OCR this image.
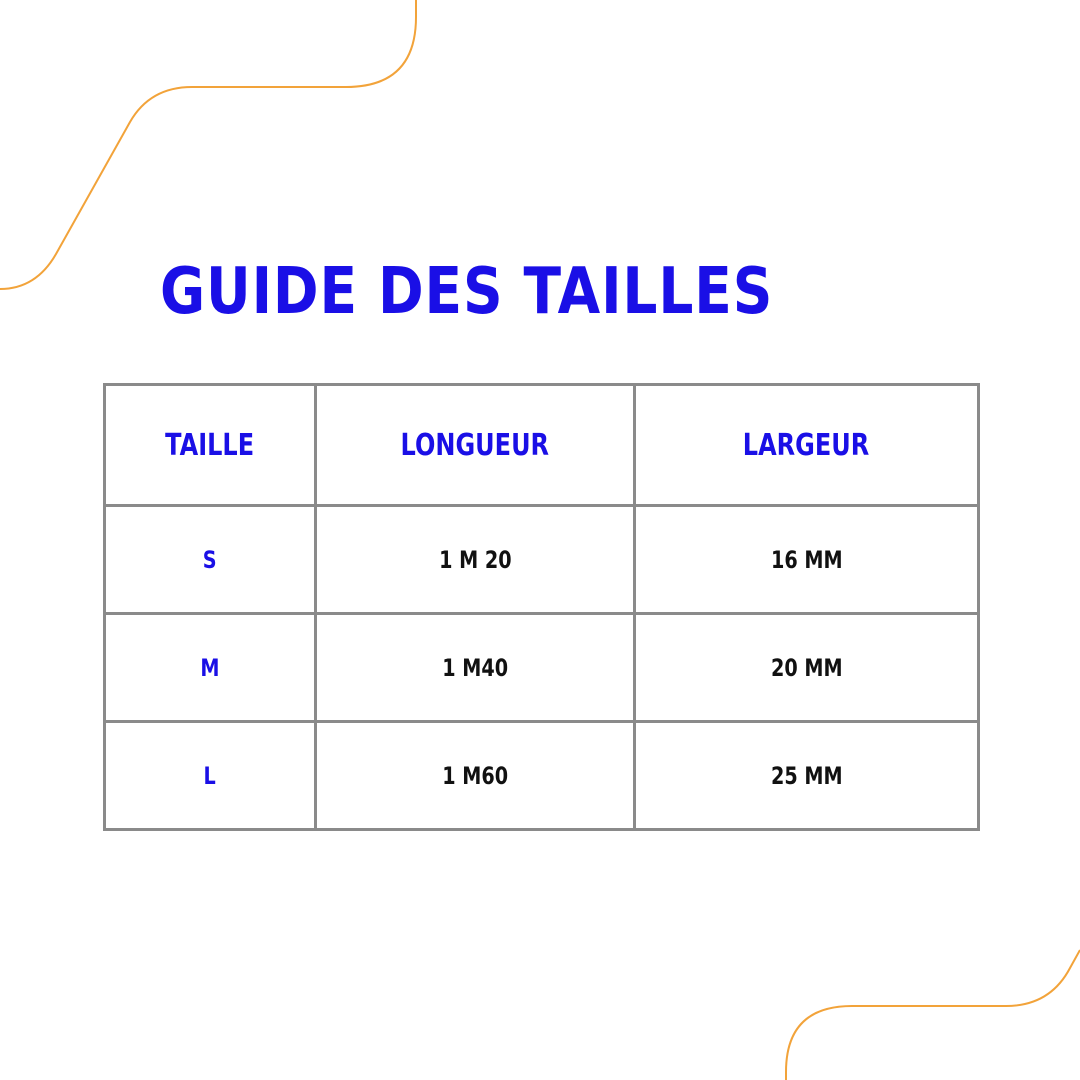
GUIDE DES TAILLES
TAILLE	LONGUEUR	LARGEUR
S	1 M 20	16 MM
M	1 M40	20 MM
L	1 M60	25 MM
